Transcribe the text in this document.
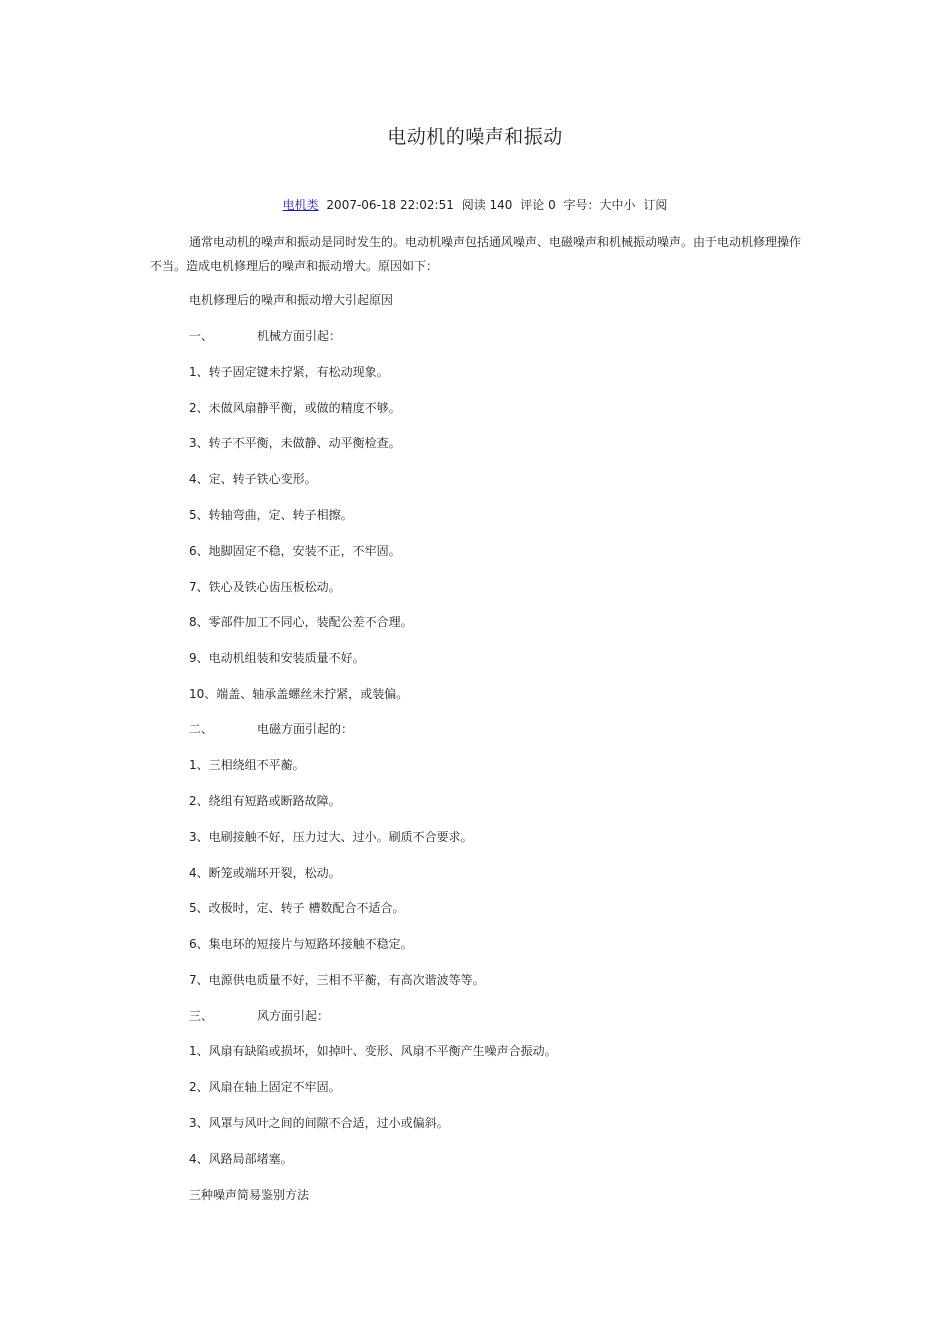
电动机的噪声和振动
电机类 2007-06-18 22:02:51 阅读 140 评论 0 字号：大中小 订阅
通常电动机的噪声和振动是同时发生的。电动机噪声包括通风噪声、电磁噪声和机械振动噪声。由于电动机修理操作不当。造成电机修理后的噪声和振动增大。原因如下：
电机修理后的噪声和振动增大引起原因
一、	机械方面引起：
1、转子固定键未拧紧，有松动现象。
2、未做风扇静平衡，或做的精度不够。
3、转子不平衡，未做静、动平衡检查。
4、定、转子铁心变形。
5、转轴弯曲，定、转子相擦。
6、地脚固定不稳，安装不正，不牢固。
7、铁心及铁心齿压板松动。
8、零部件加工不同心，装配公差不合理。
9、电动机组装和安装质量不好。
10、端盖、轴承盖螺丝未拧紧，或装偏。
二、	电磁方面引起的：
1、三相绕组不平蘅。
2、绕组有短路或断路故障。
3、电刷接触不好，压力过大、过小。刷质不合要求。
4、断笼或端环开裂，松动。
5、改极时，定、转子 槽数配合不适合。
6、集电环的短接片与短路环接触不稳定。
7、电源供电质量不好，三相不平蘅，有高次谐波等等。
三、	风方面引起：
1、风扇有缺陷或损坏，如掉叶、变形、风扇不平衡产生噪声合振动。
2、风扇在轴上固定不牢固。
3、风罩与风叶之间的间隙不合适，过小或偏斜。
4、风路局部堵塞。
三种噪声简易鉴别方法
